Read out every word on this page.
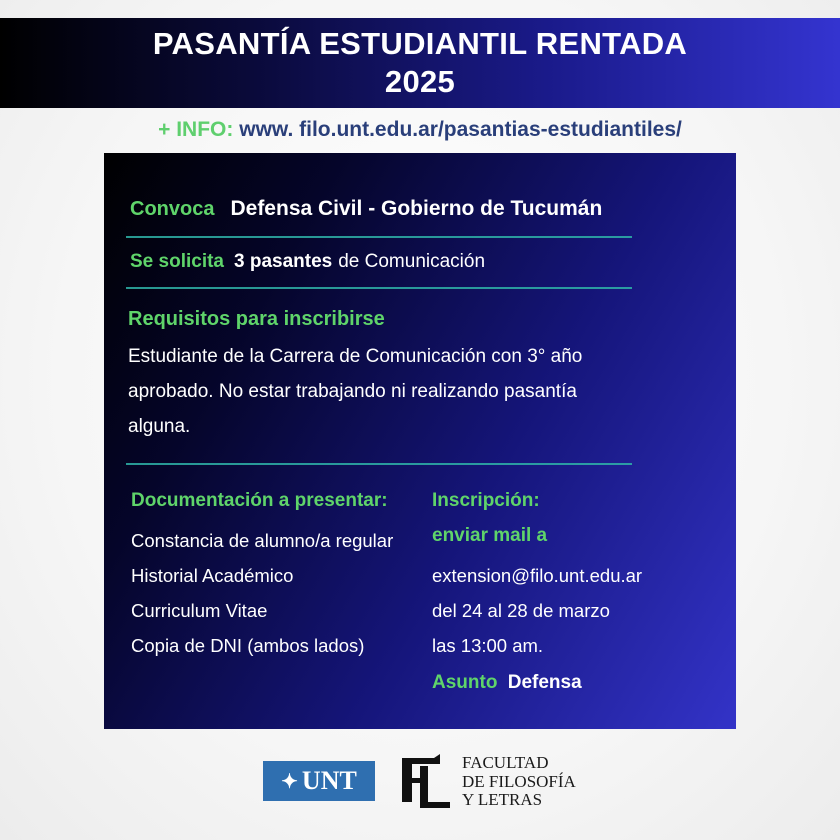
PASANTÍA ESTUDIANTIL RENTADA
2025
+ INFO: www. filo.unt.edu.ar/pasantias-estudiantiles/
Convoca Defensa Civil - Gobierno de Tucumán
Se solicita 3 pasantes de Comunicación
Requisitos para inscribirse
Estudiante de la Carrera de Comunicación con 3° año aprobado. No estar trabajando ni realizando pasantía alguna.
Documentación a presentar:
Constancia de alumno/a regular
Historial Académico
Curriculum Vitae
Copia de DNI (ambos lados)
Inscripción:
enviar mail a
extension@filo.unt.edu.ar
del 24 al 28 de marzo
las 13:00 am.
Asunto Defensa
✦ UNT
FACULTAD
DE FILOSOFÍA
Y LETRAS
